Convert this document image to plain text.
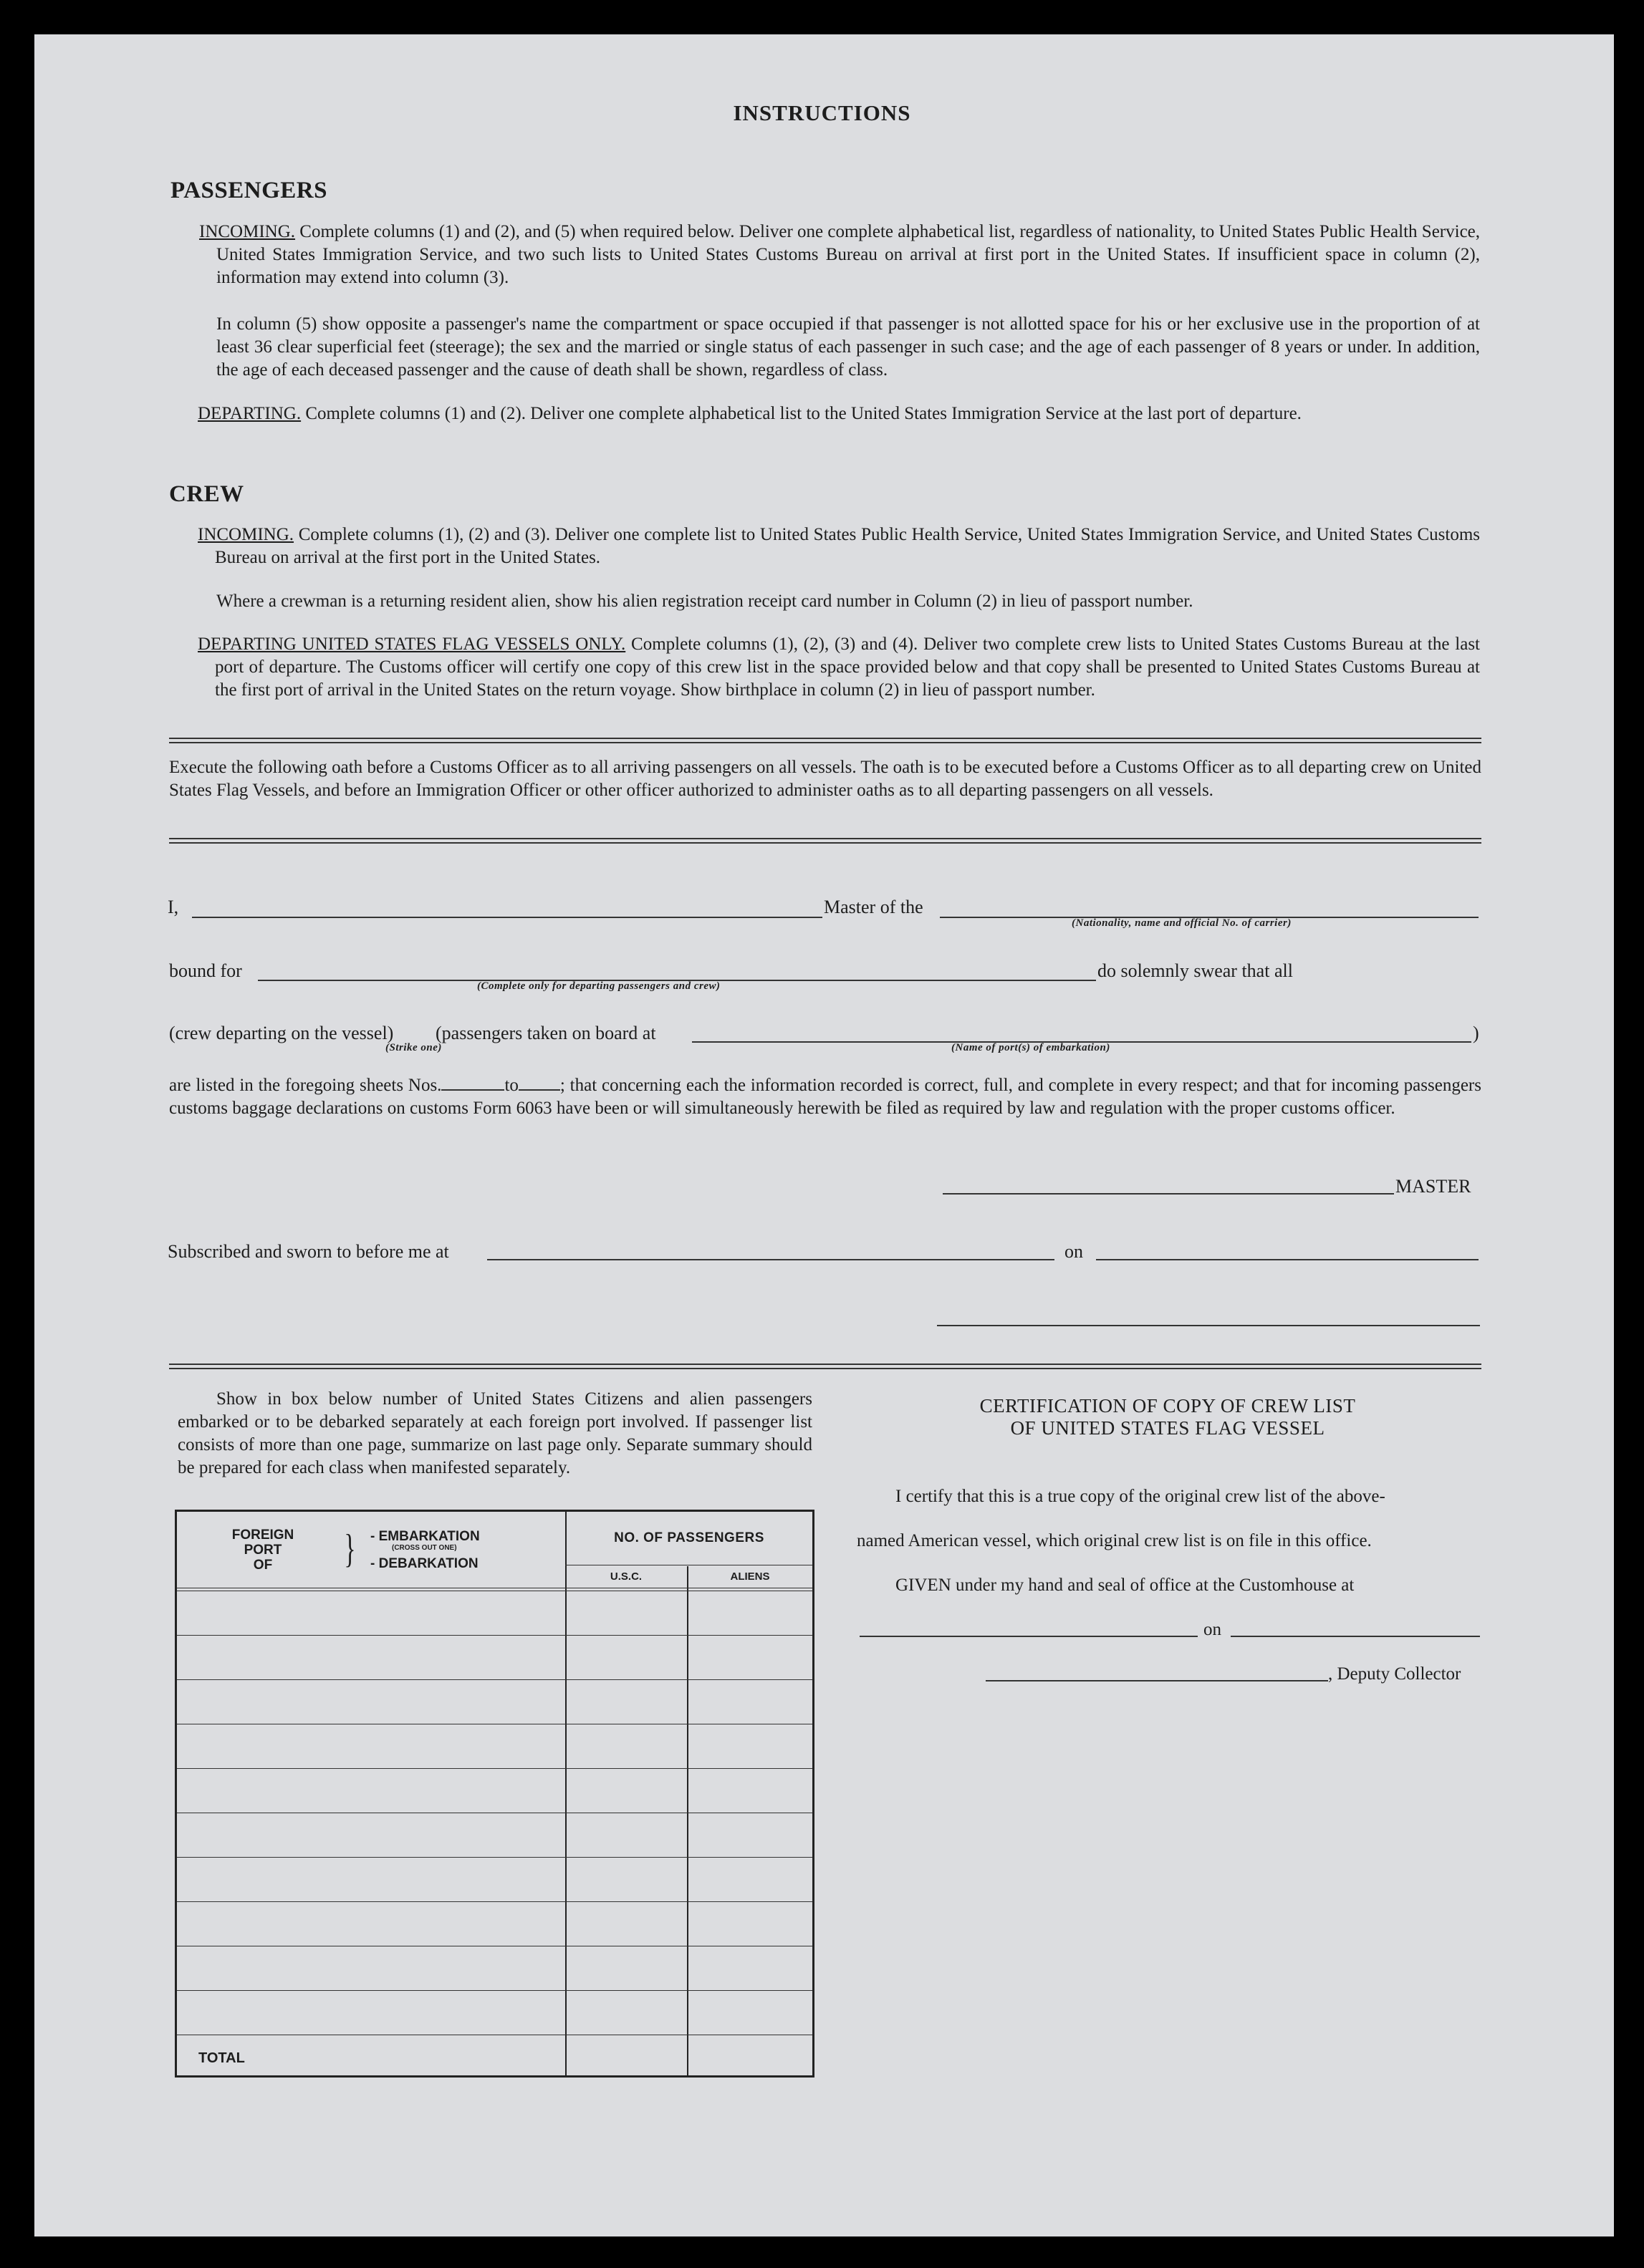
INSTRUCTIONS
PASSENGERS
INCOMING. Complete columns (1) and (2), and (5) when required below. Deliver one complete alphabetical list, regardless of nationality, to United States Public Health Service, United States Immigration Service, and two such lists to United States Customs Bureau on arrival at first port in the United States. If insufficient space in column (2), information may extend into column (3).
In column (5) show opposite a passenger's name the compartment or space occupied if that passenger is not allotted space for his or her exclusive use in the proportion of at least 36 clear superficial feet (steerage); the sex and the married or single status of each passenger in such case; and the age of each passenger of 8 years or under. In addition, the age of each deceased passenger and the cause of death shall be shown, regardless of class.
DEPARTING. Complete columns (1) and (2). Deliver one complete alphabetical list to the United States Immigration Service at the last port of departure.
CREW
INCOMING. Complete columns (1), (2) and (3). Deliver one complete list to United States Public Health Service, United States Immigration Service, and United States Customs Bureau on arrival at the first port in the United States.
Where a crewman is a returning resident alien, show his alien registration receipt card number in Column (2) in lieu of passport number.
DEPARTING UNITED STATES FLAG VESSELS ONLY. Complete columns (1), (2), (3) and (4). Deliver two complete crew lists to United States Customs Bureau at the last port of departure. The Customs officer will certify one copy of this crew list in the space provided below and that copy shall be presented to United States Customs Bureau at the first port of arrival in the United States on the return voyage. Show birthplace in column (2) in lieu of passport number.
Execute the following oath before a Customs Officer as to all arriving passengers on all vessels. The oath is to be executed before a Customs Officer as to all departing crew on United States Flag Vessels, and before an Immigration Officer or other officer authorized to administer oaths as to all departing passengers on all vessels.
I,	Master of the
(Nationality, name and official No. of carrier)
bound for
(Complete only for departing passengers and crew)
do solemnly swear that all
(crew departing on the vessel) (passengers taken on board at	)
(Strike one)	(Name of port(s) of embarkation)
are listed in the foregoing sheets Nos.	to ; that concerning each the information recorded is correct, full, and complete in every respect; and that for incoming passengers customs baggage declarations on customs Form 6063 have been or will simultaneously herewith be filed as required by law and regulation with the proper customs officer.
MASTER
Subscribed and sworn to before me at	on
Show in box below number of United States Citizens and alien passengers embarked or to be debarked separately at each foreign port involved. If passenger list consists of more than one page, summarize on last page only. Separate summary should be prepared for each class when manifested separately.
FOREIGN
PORT
OF	} - EMBARKATION
(CROSS OUT ONE)
- DEBARKATION
NO. OF PASSENGERS
U.S.C.	ALIENS
TOTAL
CERTIFICATION OF COPY OF CREW LIST
OF UNITED STATES FLAG VESSEL
I certify that this is a true copy of the original crew list of the above-
named American vessel, which original crew list is on file in this office.
GIVEN under my hand and seal of office at the Customhouse at
on
, Deputy Collector
